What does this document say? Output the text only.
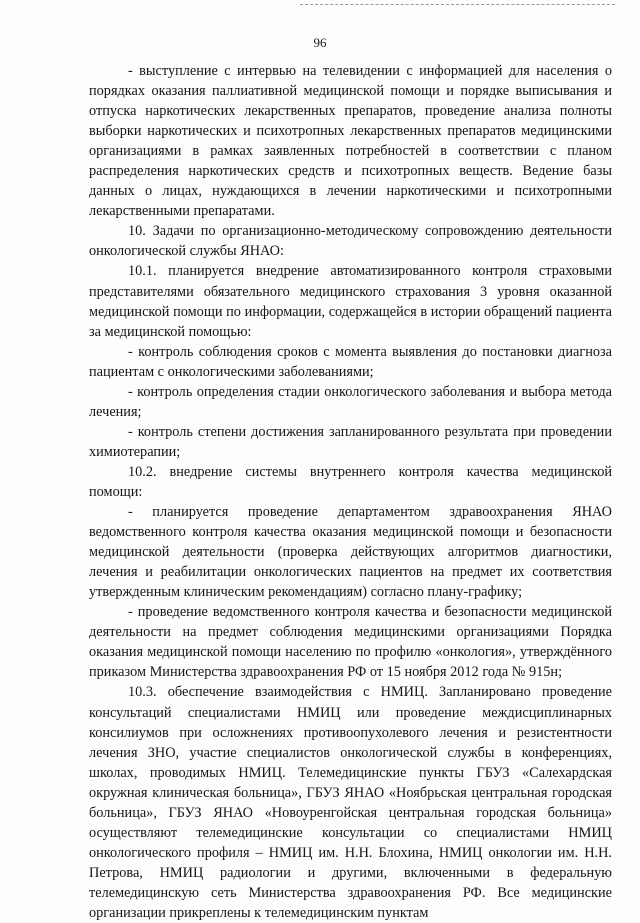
96

- выступление с интервью на телевидении с информацией для населения о порядках оказания паллиативной медицинской помощи и порядке выписывания и отпуска наркотических лекарственных препаратов, проведение анализа полноты выборки наркотических и психотропных лекарственных препаратов медицинскими организациями в рамках заявленных потребностей в соответствии с планом распределения наркотических средств и психотропных веществ. Ведение базы данных о лицах, нуждающихся в лечении наркотическими и психотропными лекарственными препаратами.

10. Задачи по организационно-методическому сопровождению деятельности онкологической службы ЯНАО:

10.1. планируется внедрение автоматизированного контроля страховыми представителями обязательного медицинского страхования 3 уровня оказанной медицинской помощи по информации, содержащейся в истории обращений пациента за медицинской помощью:

- контроль соблюдения сроков с момента выявления до постановки диагноза пациентам с онкологическими заболеваниями;

- контроль определения стадии онкологического заболевания и выбора метода лечения;

- контроль степени достижения запланированного результата при проведении химиотерапии;

10.2. внедрение системы внутреннего контроля качества медицинской помощи:

- планируется проведение департаментом здравоохранения ЯНАО ведомственного контроля качества оказания медицинской помощи и безопасности медицинской деятельности (проверка действующих алгоритмов диагностики, лечения и реабилитации онкологических пациентов на предмет их соответствия утвержденным клиническим рекомендациям) согласно плану-графику;

- проведение ведомственного контроля качества и безопасности медицинской деятельности на предмет соблюдения медицинскими организациями Порядка оказания медицинской помощи населению по профилю «онкология», утверждённого приказом Министерства здравоохранения РФ от 15 ноября 2012 года № 915н;

10.3. обеспечение взаимодействия с НМИЦ. Запланировано проведение консультаций специалистами НМИЦ или проведение междисциплинарных консилиумов при осложнениях противоопухолевого лечения и резистентности лечения ЗНО, участие специалистов онкологической службы в конференциях, школах, проводимых НМИЦ. Телемедицинские пункты ГБУЗ «Салехардская окружная клиническая больница», ГБУЗ ЯНАО «Ноябрьская центральная городская больница», ГБУЗ ЯНАО «Новоуренгойская центральная городская больница» осуществляют телемедицинские консультации со специалистами НМИЦ онкологического профиля – НМИЦ им. Н.Н. Блохина, НМИЦ онкологии им. Н.Н. Петрова, НМИЦ радиологии и другими, включенными в федеральную телемедицинскую сеть Министерства здравоохранения РФ. Все медицинские организации прикреплены к телемедицинским пунктам
